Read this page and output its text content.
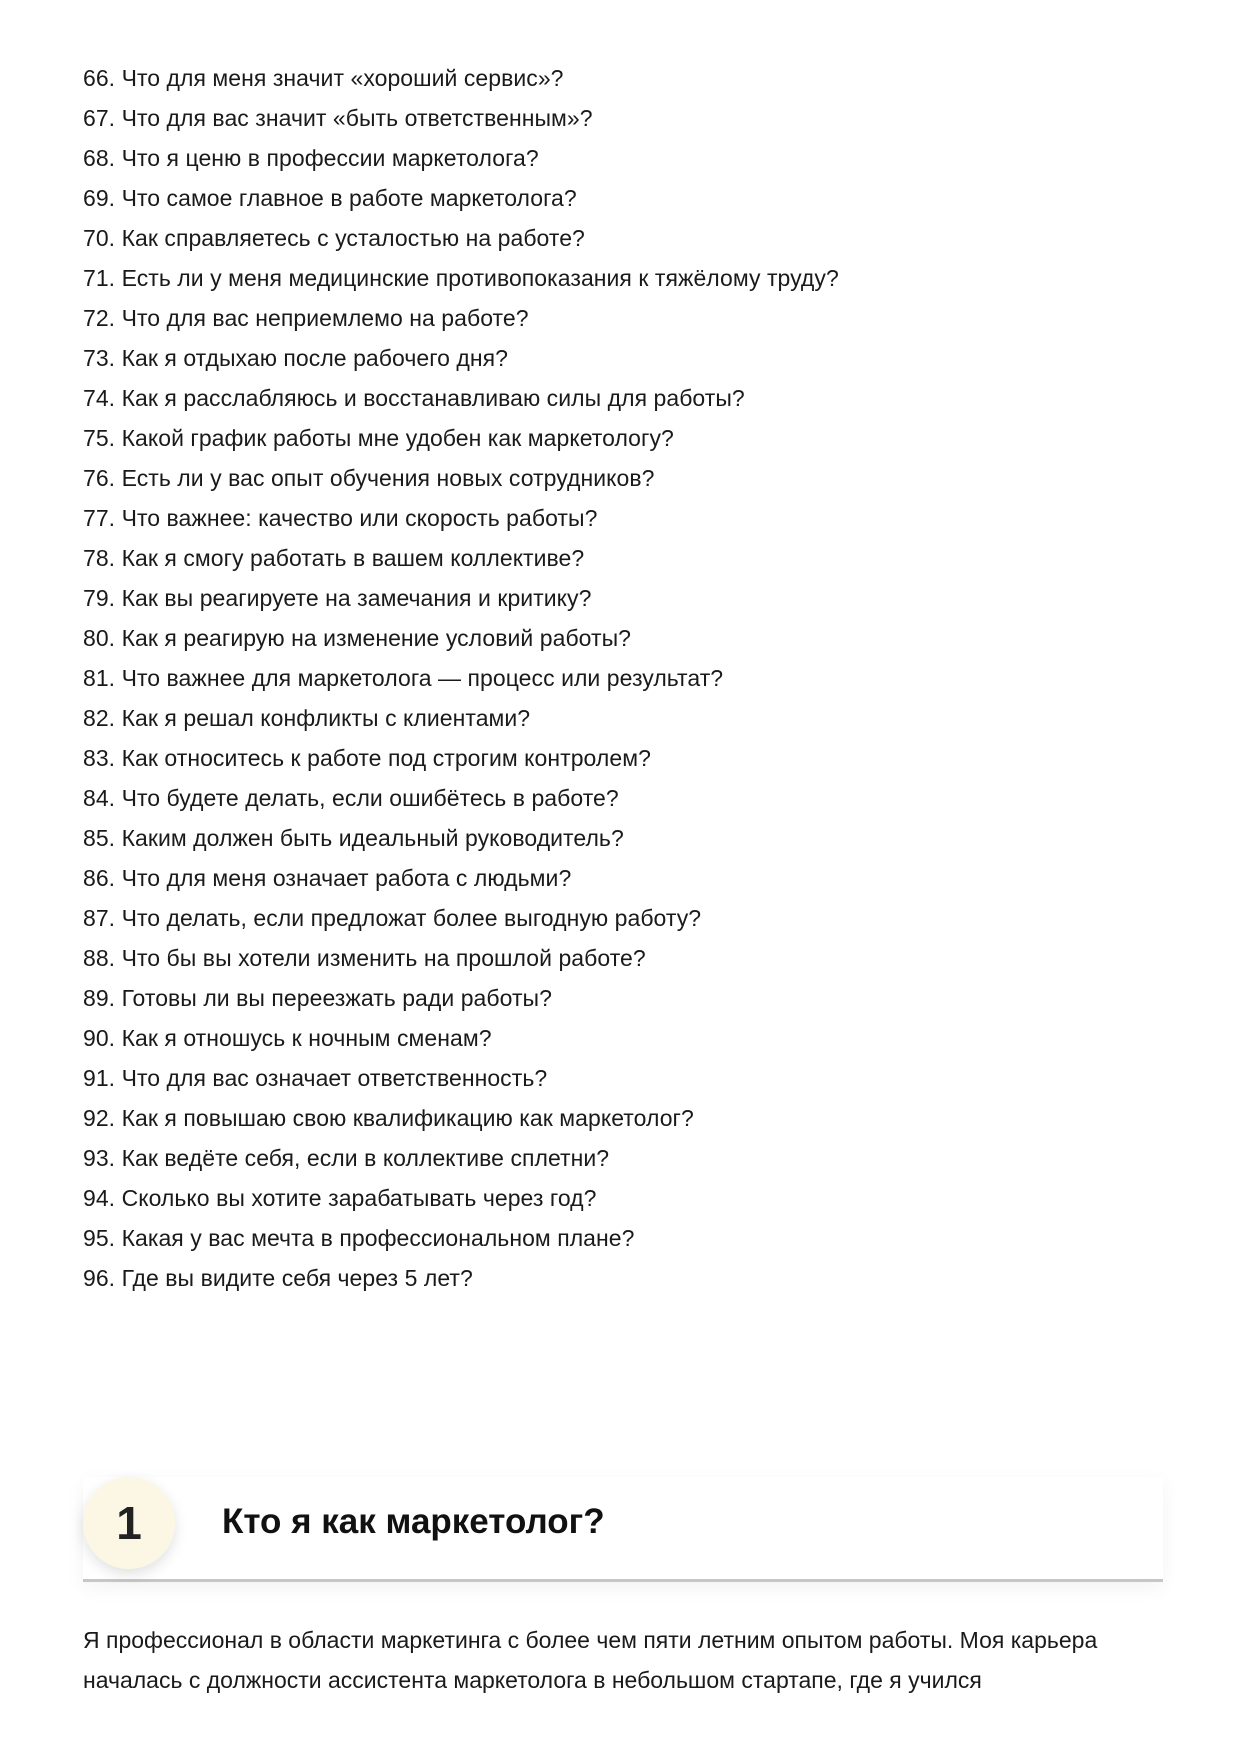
66. Что для меня значит «хороший сервис»?
67. Что для вас значит «быть ответственным»?
68. Что я ценю в профессии маркетолога?
69. Что самое главное в работе маркетолога?
70. Как справляетесь с усталостью на работе?
71. Есть ли у меня медицинские противопоказания к тяжёлому труду?
72. Что для вас неприемлемо на работе?
73. Как я отдыхаю после рабочего дня?
74. Как я расслабляюсь и восстанавливаю силы для работы?
75. Какой график работы мне удобен как маркетологу?
76. Есть ли у вас опыт обучения новых сотрудников?
77. Что важнее: качество или скорость работы?
78. Как я смогу работать в вашем коллективе?
79. Как вы реагируете на замечания и критику?
80. Как я реагирую на изменение условий работы?
81. Что важнее для маркетолога — процесс или результат?
82. Как я решал конфликты с клиентами?
83. Как относитесь к работе под строгим контролем?
84. Что будете делать, если ошибётесь в работе?
85. Каким должен быть идеальный руководитель?
86. Что для меня означает работа с людьми?
87. Что делать, если предложат более выгодную работу?
88. Что бы вы хотели изменить на прошлой работе?
89. Готовы ли вы переезжать ради работы?
90. Как я отношусь к ночным сменам?
91. Что для вас означает ответственность?
92. Как я повышаю свою квалификацию как маркетолог?
93. Как ведёте себя, если в коллективе сплетни?
94. Сколько вы хотите зарабатывать через год?
95. Какая у вас мечта в профессиональном плане?
96. Где вы видите себя через 5 лет?
1	Кто я как маркетолог?

Я профессионал в области маркетинга с более чем пяти летним опытом работы. Моя карьера началась с должности ассистента маркетолога в небольшом стартапе, где я учился
